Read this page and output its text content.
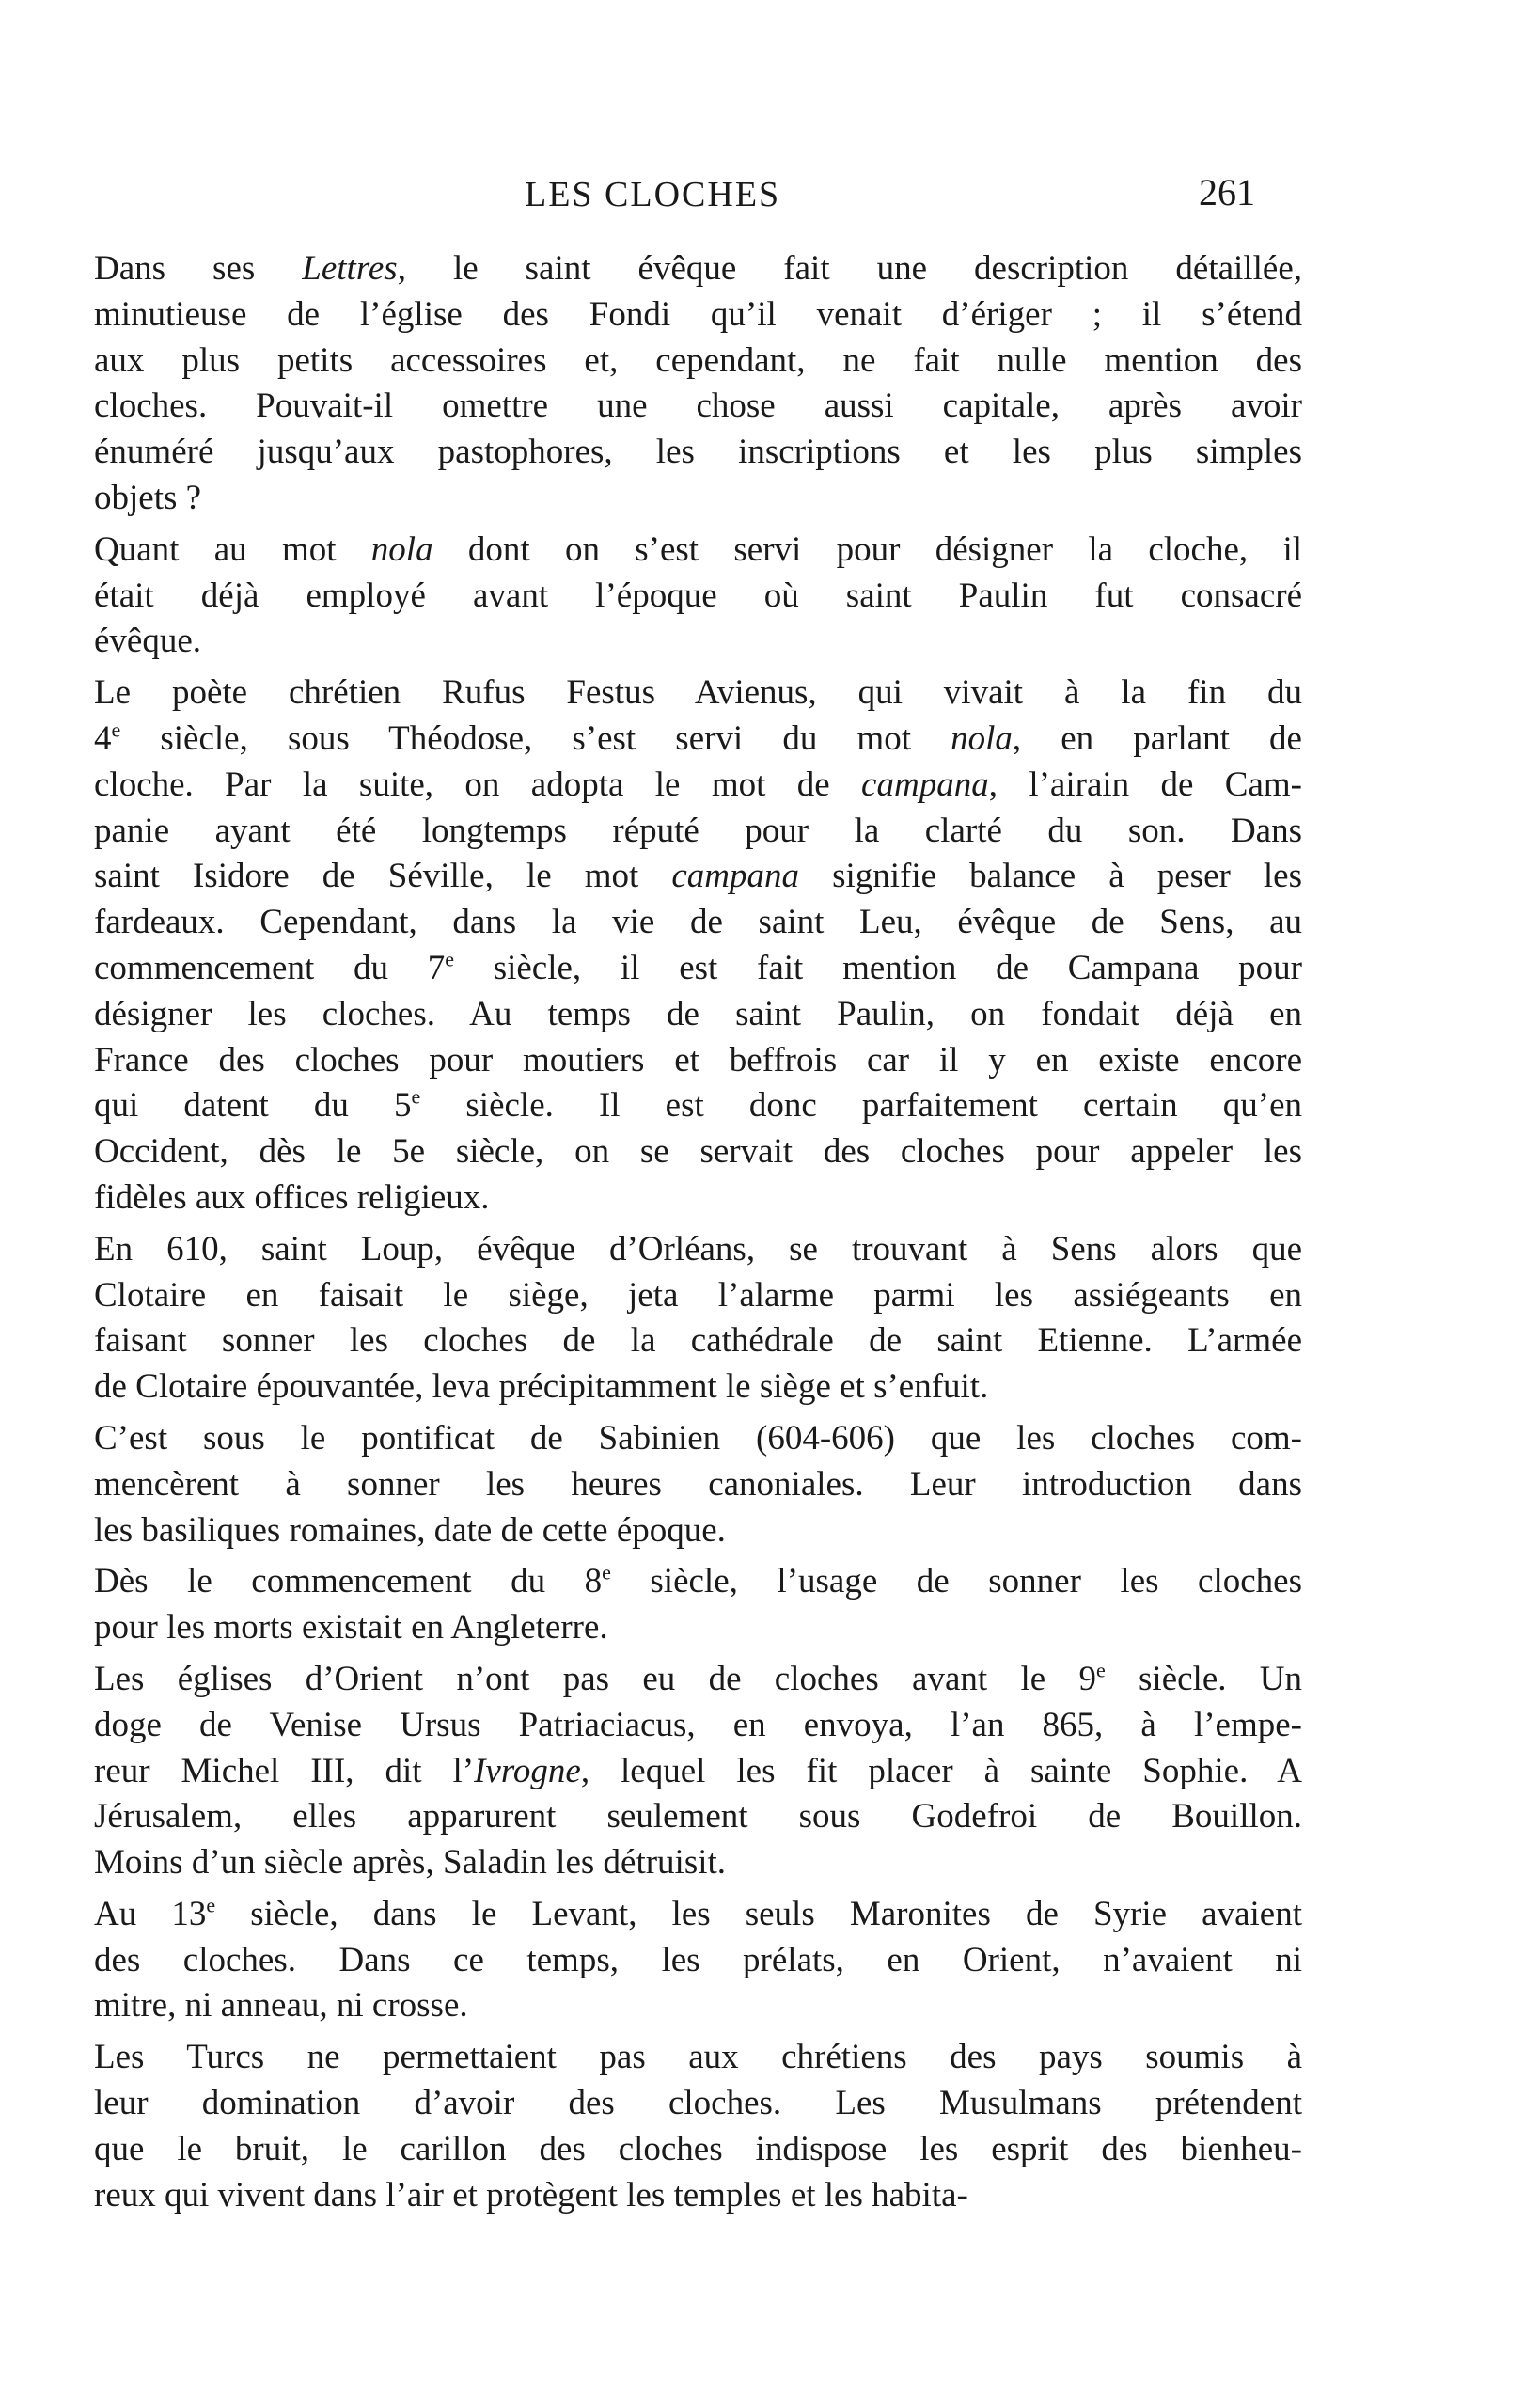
LES CLOCHES	261
Dans ses Lettres, le saint évêque fait une description détaillée,
minutieuse de l’église des Fondi qu’il venait d’ériger ; il s’étend
aux plus petits accessoires et, cependant, ne fait nulle mention des
cloches. Pouvait-il omettre une chose aussi capitale, après avoir
énuméré jusqu’aux pastophores, les inscriptions et les plus simples
objets ?
Quant au mot nola dont on s’est servi pour désigner la cloche, il
était déjà employé avant l’époque où saint Paulin fut consacré
évêque.
Le poète chrétien Rufus Festus Avienus, qui vivait à la fin du
4e siècle, sous Théodose, s’est servi du mot nola, en parlant de
cloche. Par la suite, on adopta le mot de campana, l’airain de Cam-
panie ayant été longtemps réputé pour la clarté du son. Dans
saint Isidore de Séville, le mot campana signifie balance à peser les
fardeaux. Cependant, dans la vie de saint Leu, évêque de Sens, au
commencement du 7e siècle, il est fait mention de Campana pour
désigner les cloches. Au temps de saint Paulin, on fondait déjà en
France des cloches pour moutiers et beffrois car il y en existe encore
qui datent du 5e siècle. Il est donc parfaitement certain qu’en
Occident, dès le 5e siècle, on se servait des cloches pour appeler les
fidèles aux offices religieux.
En 610, saint Loup, évêque d’Orléans, se trouvant à Sens alors que
Clotaire en faisait le siège, jeta l’alarme parmi les assiégeants en
faisant sonner les cloches de la cathédrale de saint Etienne. L’armée
de Clotaire épouvantée, leva précipitamment le siège et s’enfuit.
C’est sous le pontificat de Sabinien (604-606) que les cloches com-
mencèrent à sonner les heures canoniales. Leur introduction dans
les basiliques romaines, date de cette époque.
Dès le commencement du 8e siècle, l’usage de sonner les cloches
pour les morts existait en Angleterre.
Les églises d’Orient n’ont pas eu de cloches avant le 9e siècle. Un
doge de Venise Ursus Patriaciacus, en envoya, l’an 865, à l’empe-
reur Michel III, dit l’Ivrogne, lequel les fit placer à sainte Sophie. A
Jérusalem, elles apparurent seulement sous Godefroi de Bouillon.
Moins d’un siècle après, Saladin les détruisit.
Au 13e siècle, dans le Levant, les seuls Maronites de Syrie avaient
des cloches. Dans ce temps, les prélats, en Orient, n’avaient ni
mitre, ni anneau, ni crosse.
Les Turcs ne permettaient pas aux chrétiens des pays soumis à
leur domination d’avoir des cloches. Les Musulmans prétendent
que le bruit, le carillon des cloches indispose les esprit des bienheu-
reux qui vivent dans l’air et protègent les temples et les habita-
